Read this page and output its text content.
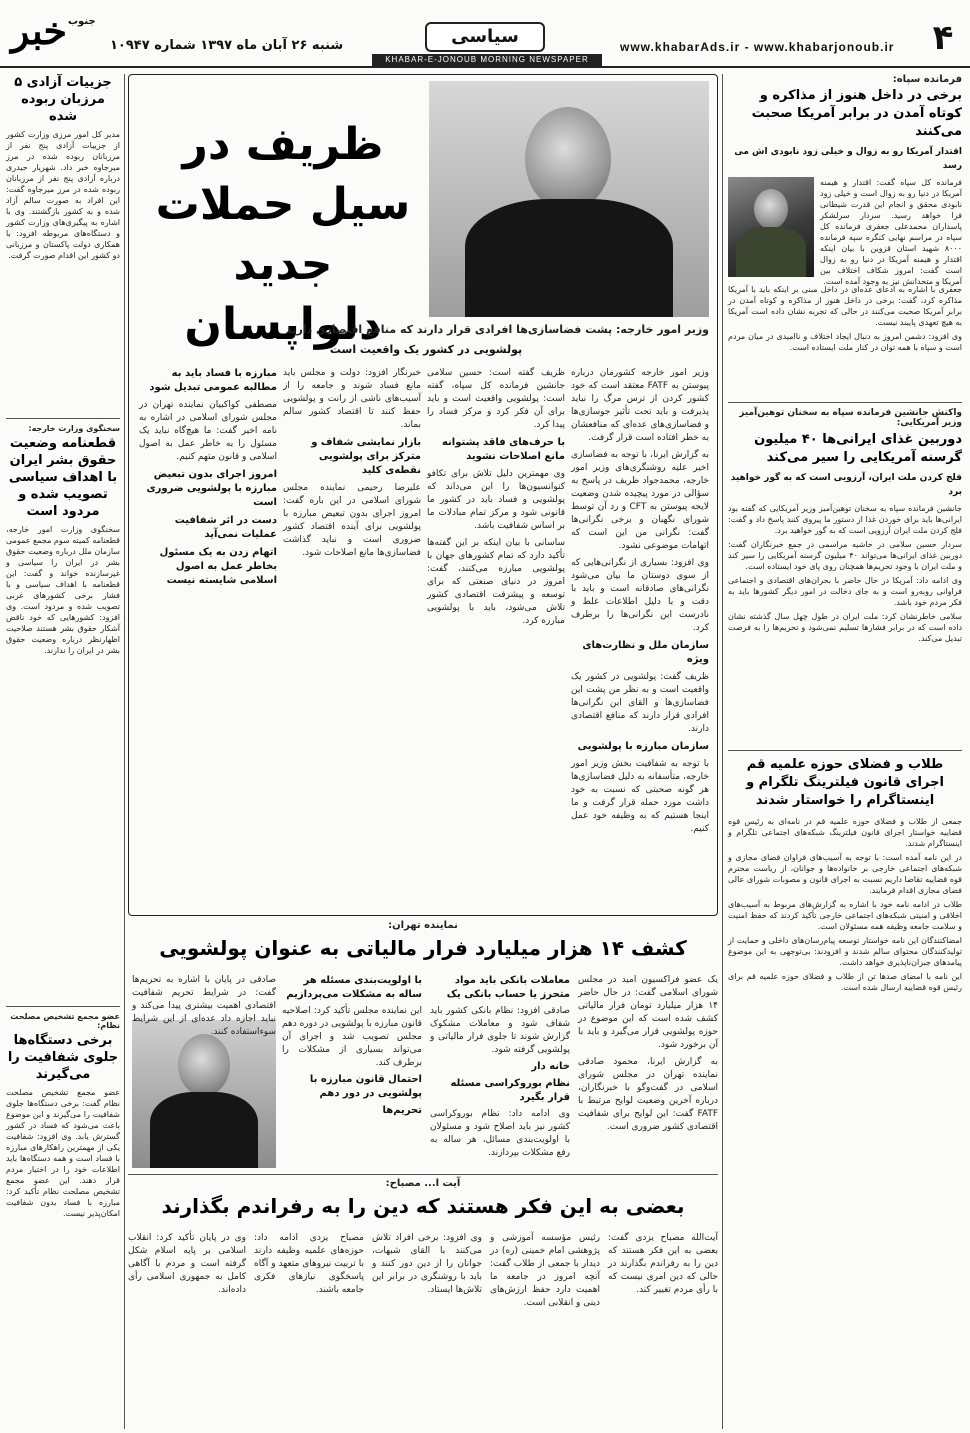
خبر جنوب
شنبه ۲۶ آبان ماه ۱۳۹۷ شماره ۱۰۹۴۷	سیاسی
KHABAR-E-JONOUB MORNING NEWSPAPER
www.khabarAds.ir - www.khabarjonoub.ir ۴
فرمانده سپاه:
برخی در داخل هنوز از مذاکره و کوتاه آمدن در برابر آمریکا صحبت می‌کنند
اقتدار آمریکا رو به زوال و خیلی زود نابودی اش می رسد
فرمانده کل سپاه گفت: اقتدار و هیمنه آمریکا در دنیا رو به زوال است و خیلی زود نابودی محقق و انجام این قدرت شیطانی فرا خواهد رسید. سردار سرلشکر پاسداران محمدعلی جعفری فرمانده کل سپاه در مراسم نهایی کنگره سپه فرمانده ۸۰۰۰ شهید استان قزوین با بیان اینکه اقتدار و هیمنه آمریکا در دنیا رو به زوال است گفت: امروز شکاف اختلاف بین آمریکا و متحدانش نیز به وجود آمده است.
جعفری با اشاره به ادعای عده‌ای در داخل مبنی بر اینکه باید با آمریکا مذاکره کرد، گفت: برخی در داخل هنوز از مذاکره و کوتاه آمدن در برابر آمریکا صحبت می‌کنند در حالی که تجربه نشان داده است آمریکا به هیچ تعهدی پایبند نیست.
وی افزود: دشمن امروز به دنبال ایجاد اختلاف و ناامیدی در میان مردم است و سپاه با همه توان در کنار ملت ایستاده است.
واکنش جانشین فرمانده سپاه به سخنان توهین‌آمیز وزیر آمریکایی:
دوربین غذای ایرانی‌ها ۴۰ میلیون گرسنه آمریکایی را سیر می‌کند
فلج کردن ملت ایران، آرزویی است که به گور خواهید برد
جانشین فرمانده سپاه به سخنان توهین‌آمیز وزیر آمریکایی که گفته بود ایرانی‌ها باید برای خوردن غذا از دستور ما پیروی کنند پاسخ داد و گفت: فلج کردن ملت ایران آرزویی است که به گور خواهید برد.
سردار حسین سلامی در حاشیه مراسمی در جمع خبرنگاران گفت: دوربین غذای ایرانی‌ها می‌تواند ۴۰ میلیون گرسنه آمریکایی را سیر کند و ملت ایران با وجود تحریم‌ها همچنان روی پای خود ایستاده است.
وی ادامه داد: آمریکا در حال حاضر با بحران‌های اقتصادی و اجتماعی فراوانی روبه‌رو است و به جای دخالت در امور دیگر کشورها باید به فکر مردم خود باشد.
سلامی خاطرنشان کرد: ملت ایران در طول چهل سال گذشته نشان داده است که در برابر فشارها تسلیم نمی‌شود و تحریم‌ها را به فرصت تبدیل می‌کند.
طلاب و فضلای حوزه علمیه قم اجرای قانون فیلترینگ تلگرام و اینستاگرام را خواستار شدند
جمعی از طلاب و فضلای حوزه علمیه قم در نامه‌ای به رئیس قوه قضاییه خواستار اجرای قانون فیلترینگ شبکه‌های اجتماعی تلگرام و اینستاگرام شدند.
در این نامه آمده است: با توجه به آسیب‌های فراوان فضای مجازی و شبکه‌های اجتماعی خارجی بر خانواده‌ها و جوانان، از ریاست محترم قوه قضاییه تقاضا داریم نسبت به اجرای قانون و مصوبات شورای عالی فضای مجازی اقدام فرمایند.
طلاب در ادامه نامه خود با اشاره به گزارش‌های مربوط به آسیب‌های اخلاقی و امنیتی شبکه‌های اجتماعی خارجی تأکید کردند که حفظ امنیت و سلامت جامعه وظیفه همه مسئولان است.
امضاکنندگان این نامه خواستار توسعه پیام‌رسان‌های داخلی و حمایت از تولیدکنندگان محتوای سالم شدند و افزودند: بی‌توجهی به این موضوع پیامدهای جبران‌ناپذیری خواهد داشت.
این نامه با امضای صدها تن از طلاب و فضلای حوزه علمیه قم برای رئیس قوه قضاییه ارسال شده است.
ظریف در سیل حملات جدید دلواپسان
وزیر امور خارجه: پشت فضاسازی‌ها افرادی قرار دارند که منافع اقتصادی دارند
پولشویی در کشور یک واقعیت است
وزیر امور خارجه کشورمان درباره پیوستن به FATF معتقد است که خود کشور کردن از ترس مرگ را نباید پذیرفت و باید تحت تأثیر جوسازی‌ها و فضاسازی‌های عده‌ای که منافعشان به خطر افتاده است قرار گرفت.
به گزارش ایرنا، با توجه به فضاسازی اخیر علیه روشنگری‌های وزیر امور خارجه، محمدجواد ظریف در پاسخ به سؤالی در مورد پیچیده شدن وضعیت لایحه پیوستن به CFT و رد آن توسط شورای نگهبان و برخی نگرانی‌ها گفت: نگرانی من این است که اتهامات موضوعی نشود.
وی افزود: بسیاری از نگرانی‌هایی که از سوی دوستان ما بیان می‌شود نگرانی‌های صادقانه است و باید با دقت و با دلیل اطلاعات غلط و نادرست این نگرانی‌ها را برطرف کرد.
سازمان ملل و نظارت‌های ویژه
ظریف گفت: پولشویی در کشور یک واقعیت است و به نظر من پشت این فضاسازی‌ها و القای این نگرانی‌ها افرادی قرار دارند که منافع اقتصادی دارند.
سازمان مبارزه با پولشویی
با توجه به شفافیت بخش وزیر امور خارجه، متأسفانه به دلیل فضاسازی‌ها هر گونه صحبتی که نسبت به خود داشت مورد حمله قرار گرفت و ما اینجا هستیم که به وظیفه خود عمل کنیم.
ظریف گفته است: حسین سلامی جانشین فرمانده کل سپاه، گفته است: پولشویی واقعیت است و باید برای آن فکر کرد و مرکز فساد را پیدا کرد.
با حرف‌های فاقد پشتوانه مانع اصلاحات نشوید
وی مهمترین دلیل تلاش برای تکافو کنوانسیون‌ها را این می‌داند که پولشویی و فساد باید در کشور ما قانونی شود و مرکز تمام مبادلات ما بر اساس شفافیت باشد.
ساسانی با بیان اینکه بر این گفته‌ها تأکید دارد که تمام کشورهای جهان با پولشویی مبارزه می‌کنند، گفت: امروز در دنیای صنعتی که برای توسعه و پیشرفت اقتصادی کشور تلاش می‌شود، باید با پولشویی مبارزه کرد.
خبرنگار افزود: دولت و مجلس باید مانع فساد شوند و جامعه را از آسیب‌های ناشی از رانت و پولشویی حفظ کنند تا اقتصاد کشور سالم بماند.
بازار نمایشی شفاف و مترکز برای پولشویی نقطه‌ی کلید
علیرضا رحیمی نماینده مجلس شورای اسلامی در این باره گفت: امروز اجرای بدون تبعیض مبارزه با پولشویی برای آینده اقتصاد کشور ضروری است و نباید گذاشت فضاسازی‌ها مانع اصلاحات شود.
مبارزه با فساد باید به مطالبه عمومی تبدیل شود
مصطفی کواکبیان نماینده تهران در مجلس شورای اسلامی در اشاره به نامه اخیر گفت: ما هیچ‌گاه نباید یک مسئول را به خاطر عمل به اصول اسلامی و قانون متهم کنیم.
امروز اجرای بدون تبعیض مبارزه با پولشویی ضروری است
دست در اثر شفافیت عملیات نمی‌آید
اتهام زدن به یک مسئول بخاطر عمل به اصول اسلامی شایسته نیست
نماینده تهران:
کشف ۱۴ هزار میلیارد فرار مالیاتی به عنوان پولشویی
یک عضو فراکسیون امید در مجلس شورای اسلامی گفت: در حال حاضر ۱۴ هزار میلیارد تومان فرار مالیاتی کشف شده است که این موضوع در حوزه پولشویی قرار می‌گیرد و باید با آن برخورد شود.
به گزارش ایرنا، محمود صادقی نماینده تهران در مجلس شورای اسلامی در گفت‌وگو با خبرنگاران، درباره آخرین وضعیت لوایح مرتبط با FATF گفت: این لوایح برای شفافیت اقتصادی کشور ضروری است.
معاملات بانکی باید مواد متحرز یا حساب بانکی یک
صادقی افزود: نظام بانکی کشور باید شفاف شود و معاملات مشکوک گزارش شوند تا جلوی فرار مالیاتی و پولشویی گرفته شود.
خانه دار
نظام بوروکراسی مسئله قرار بگیرد
وی ادامه داد: نظام بوروکراسی کشور نیز باید اصلاح شود و مسئولان با اولویت‌بندی مسائل، هر ساله به رفع مشکلات بپردازند.
با اولویت‌بندی مسئله هر ساله به مشکلات می‌پردازیم
این نماینده مجلس تأکید کرد: اصلاحیه قانون مبارزه با پولشویی در دوره دهم مجلس تصویب شد و اجرای آن می‌تواند بسیاری از مشکلات را برطرف کند.
احتمال قانون مبارزه با پولشویی در دور دهم
تحریم‌ها
صادقی در پایان با اشاره به تحریم‌ها گفت: در شرایط تحریم شفافیت اقتصادی اهمیت بیشتری پیدا می‌کند و نباید اجازه داد عده‌ای از این شرایط سوءاستفاده کنند.
آیت ا... مصباح:
بعضی به این فکر هستند که دین را به رفراندم بگذارند
آیت‌الله مصباح یزدی گفت: بعضی به این فکر هستند که دین را به رفراندم بگذارند در حالی که دین امری نیست که با رأی مردم تغییر کند.
رئیس مؤسسه آموزشی و پژوهشی امام خمینی (ره) در دیدار با جمعی از طلاب گفت: آنچه امروز در جامعه ما اهمیت دارد حفظ ارزش‌های دینی و انقلابی است.
وی افزود: برخی افراد تلاش می‌کنند با القای شبهات، جوانان را از دین دور کنند و باید با روشنگری در برابر این تلاش‌ها ایستاد.
مصباح یزدی ادامه داد: حوزه‌های علمیه وظیفه دارند با تربیت نیروهای متعهد و آگاه پاسخگوی نیازهای فکری جامعه باشند.
وی در پایان تأکید کرد: انقلاب اسلامی بر پایه اسلام شکل گرفته است و مردم با آگاهی کامل به جمهوری اسلامی رأی داده‌اند.
جزییات آزادی ۵ مرزبان ربوده شده
مدیر کل امور مرزی وزارت کشور از جزییات آزادی پنج نفر از مرزبانان ربوده شده در مرز میرجاوه خبر داد. شهریار حیدری درباره آزادی پنج نفر از مرزبانان ربوده شده در مرز میرجاوه گفت: این افراد به صورت سالم آزاد شده و به کشور بازگشتند. وی با اشاره به پیگیری‌های وزارت کشور و دستگاه‌های مربوطه افزود: با همکاری دولت پاکستان و مرزبانی دو کشور این اقدام صورت گرفت.
سخنگوی وزارت خارجه:
قطعنامه وضعیت حقوق بشر ایران با اهداف سیاسی تصویب شده و مردود است
سخنگوی وزارت امور خارجه، قطعنامه کمیته سوم مجمع عمومی سازمان ملل درباره وضعیت حقوق بشر در ایران را سیاسی و غیرسازنده خواند و گفت: این قطعنامه با اهداف سیاسی و با فشار برخی کشورهای غربی تصویب شده و مردود است. وی افزود: کشورهایی که خود ناقض آشکار حقوق بشر هستند صلاحیت اظهارنظر درباره وضعیت حقوق بشر در ایران را ندارند.
عضو مجمع تشخیص مصلحت نظام:
برخی دستگاه‌ها جلوی شفافیت را می‌گیرند
عضو مجمع تشخیص مصلحت نظام گفت: برخی دستگاه‌ها جلوی شفافیت را می‌گیرند و این موضوع باعث می‌شود که فساد در کشور گسترش یابد. وی افزود: شفافیت یکی از مهمترین راهکارهای مبارزه با فساد است و همه دستگاه‌ها باید اطلاعات خود را در اختیار مردم قرار دهند. این عضو مجمع تشخیص مصلحت نظام تأکید کرد: مبارزه با فساد بدون شفافیت امکان‌پذیر نیست.
